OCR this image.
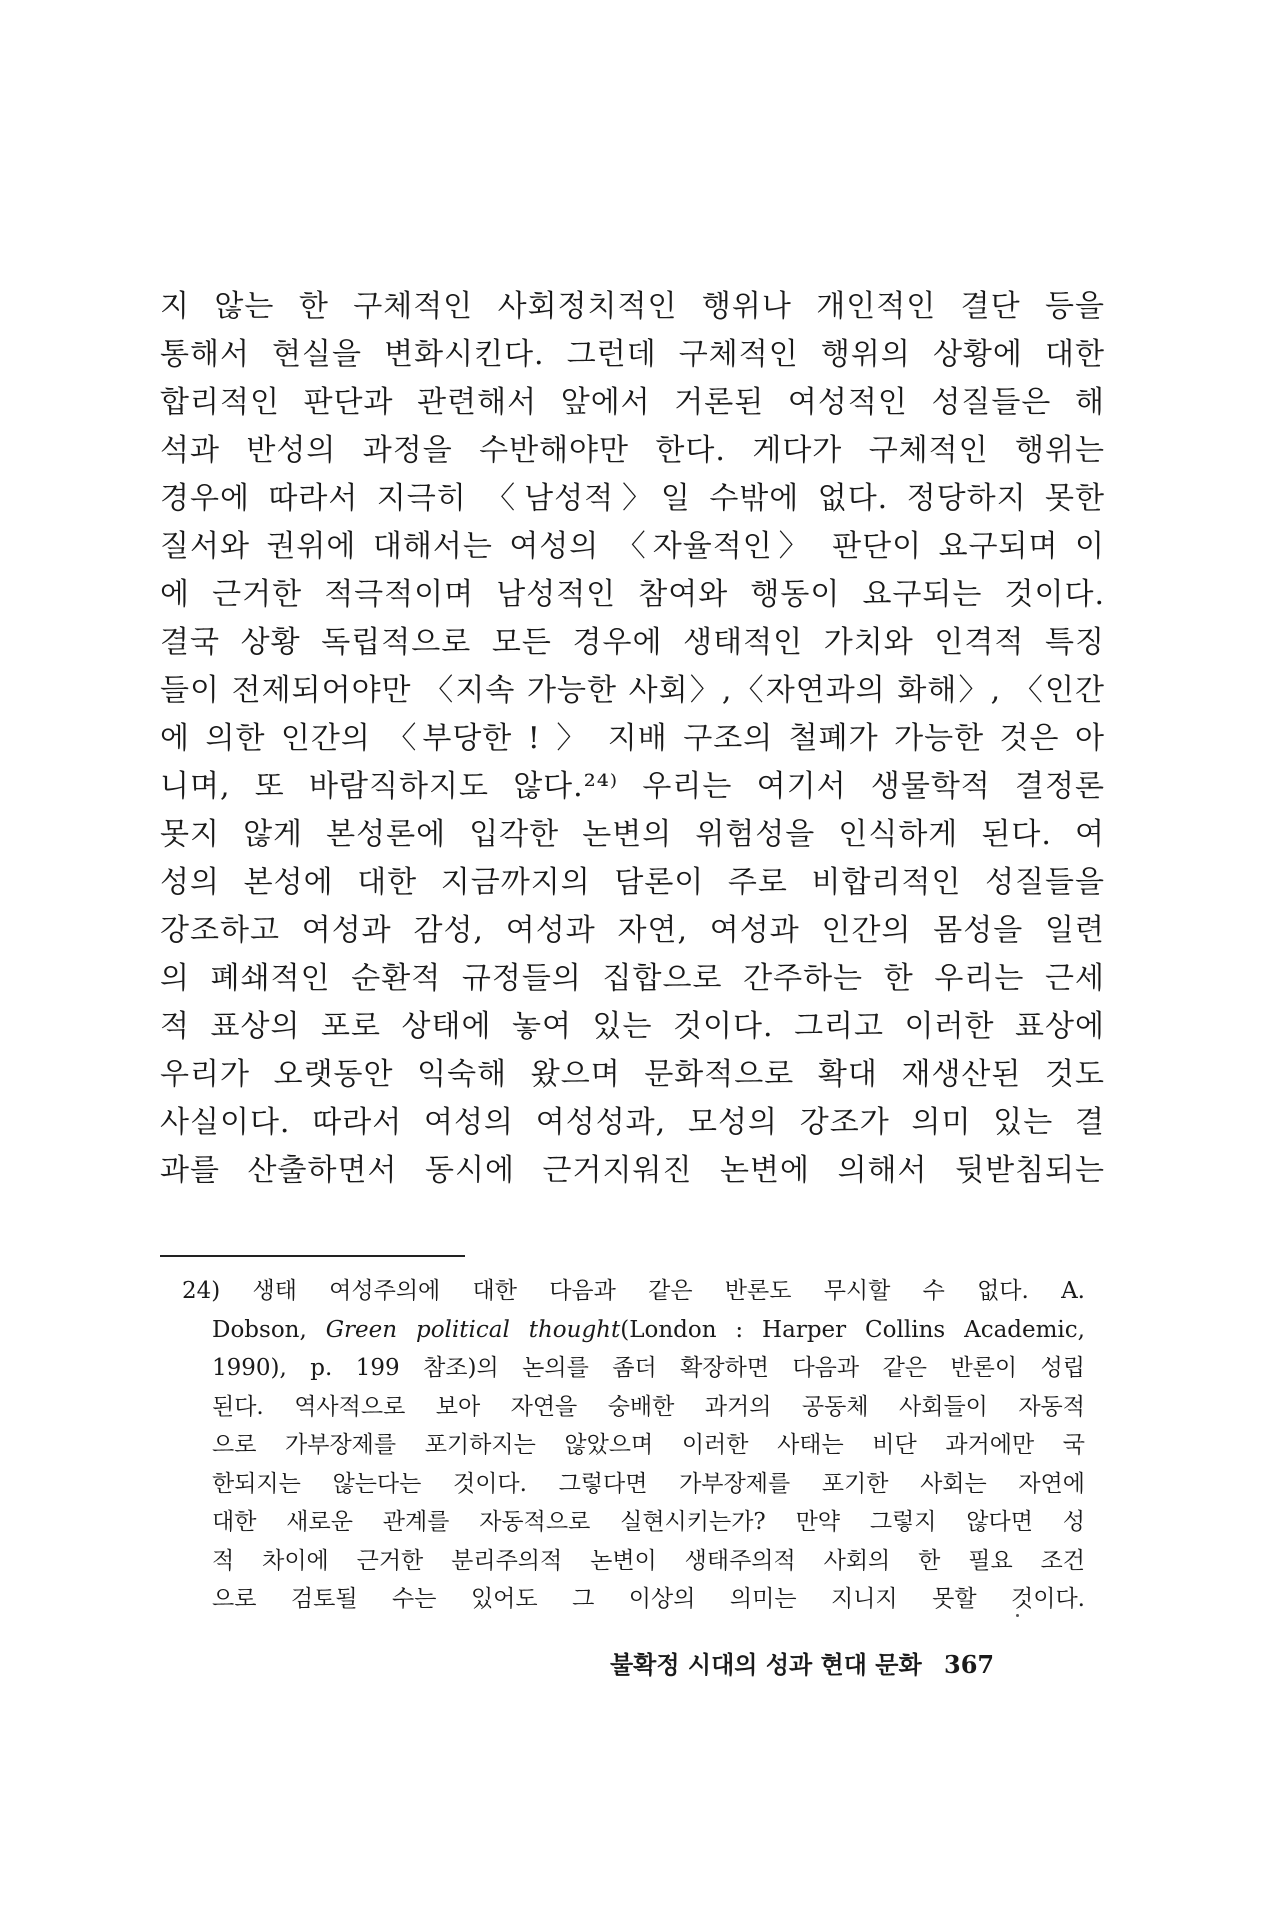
지 않는 한 구체적인 사회정치적인 행위나 개인적인 결단 등을
통해서 현실을 변화시킨다. 그런데 구체적인 행위의 상황에 대한
합리적인 판단과 관련해서 앞에서 거론된 여성적인 성질들은 해
석과 반성의 과정을 수반해야만 한다. 게다가 구체적인 행위는
경우에 따라서 지극히 〈남성적〉일 수밖에 없다. 정당하지 못한
질서와 권위에 대해서는 여성의 〈자율적인〉 판단이 요구되며 이
에 근거한 적극적이며 남성적인 참여와 행동이 요구되는 것이다.
결국 상황 독립적으로 모든 경우에 생태적인 가치와 인격적 특징
들이 전제되어야만 〈지속 가능한 사회〉,〈자연과의 화해〉, 〈인간
에 의한 인간의 〈부당한 ! 〉 지배 구조의 철폐가 가능한 것은 아
니며, 또 바람직하지도 않다.²⁴⁾ 우리는 여기서 생물학적 결정론
못지 않게 본성론에 입각한 논변의 위험성을 인식하게 된다. 여
성의 본성에 대한 지금까지의 담론이 주로 비합리적인 성질들을
강조하고 여성과 감성, 여성과 자연, 여성과 인간의 몸성을 일련
의 폐쇄적인 순환적 규정들의 집합으로 간주하는 한 우리는 근세
적 표상의 포로 상태에 놓여 있는 것이다. 그리고 이러한 표상에
우리가 오랫동안 익숙해 왔으며 문화적으로 확대 재생산된 것도
사실이다. 따라서 여성의 여성성과, 모성의 강조가 의미 있는 결
과를 산출하면서 동시에 근거지워진 논변에 의해서 뒷받침되는
24) 생태 여성주의에 대한 다음과 같은 반론도 무시할 수 없다. A.
Dobson, Green political thought(London : Harper Collins Academic,
1990), p. 199 참조)의 논의를 좀더 확장하면 다음과 같은 반론이 성립
된다. 역사적으로 보아 자연을 숭배한 과거의 공동체 사회들이 자동적
으로 가부장제를 포기하지는 않았으며 이러한 사태는 비단 과거에만 국
한되지는 않는다는 것이다. 그렇다면 가부장제를 포기한 사회는 자연에
대한 새로운 관계를 자동적으로 실현시키는가? 만약 그렇지 않다면 성
적 차이에 근거한 분리주의적 논변이 생태주의적 사회의 한 필요 조건
으로 검토될 수는 있어도 그 이상의 의미는 지니지 못할 것이다.
불확정 시대의 성과 현대 문화 367
